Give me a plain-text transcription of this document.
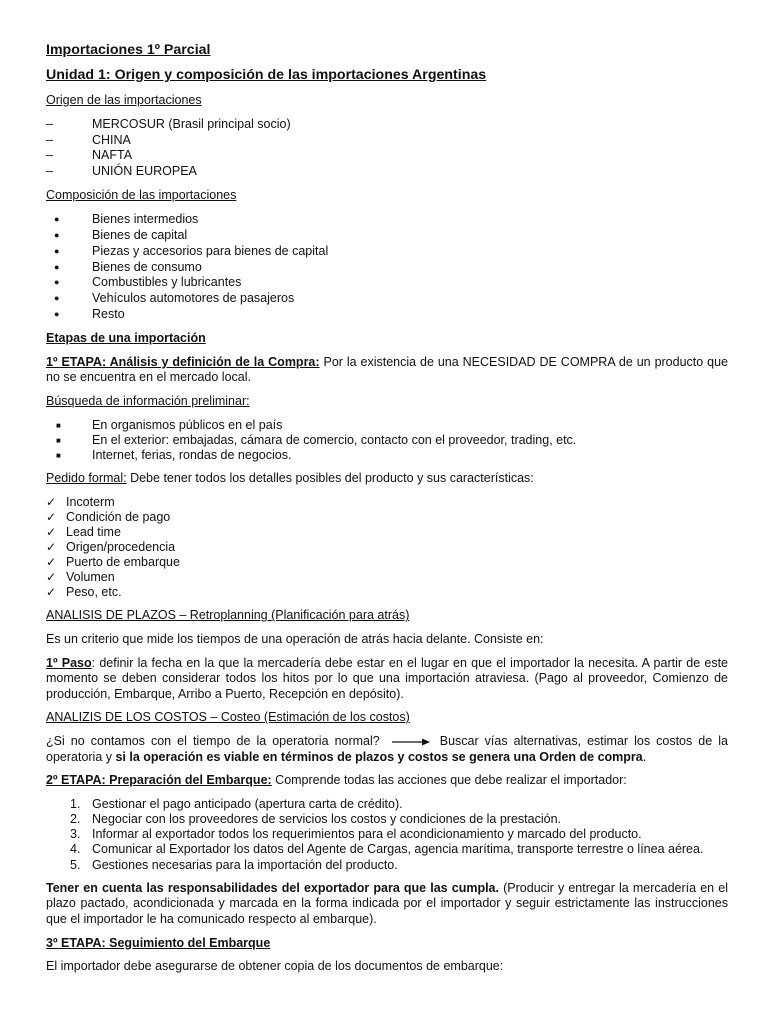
Importaciones 1º Parcial
Unidad 1: Origen y composición de las importaciones Argentinas

Origen de las importaciones

–	MERCOSUR (Brasil principal socio)
–	CHINA
–	NAFTA
–	UNIÓN EUROPEA

Composición de las importaciones

●	Bienes intermedios
●	Bienes de capital
●	Piezas y accesorios para bienes de capital
●	Bienes de consumo
●	Combustibles y lubricantes
●	Vehículos automotores de pasajeros
●	Resto

Etapas de una importación

1º ETAPA: Análisis y definición de la Compra: Por la existencia de una NECESIDAD DE COMPRA de un producto que no se encuentra en el mercado local.

Búsqueda de información preliminar:

■	En organismos públicos en el país
■	En el exterior: embajadas, cámara de comercio, contacto con el proveedor, trading, etc.
■	Internet, ferias, rondas de negocios.

Pedido formal: Debe tener todos los detalles posibles del producto y sus características:

✓ Incoterm
✓ Condición de pago
✓ Lead time
✓ Origen/procedencia
✓ Puerto de embarque
✓ Volumen
✓ Peso, etc.

ANALISIS DE PLAZOS – Retroplanning (Planificación para atrás)

Es un criterio que mide los tiempos de una operación de atrás hacia delante. Consiste en:

1º Paso: definir la fecha en la que la mercadería debe estar en el lugar en que el importador la necesita. A partir de este momento se deben considerar todos los hitos por lo que una importación atraviesa. (Pago al proveedor, Comienzo de producción, Embarque, Arribo a Puerto, Recepción en depósito).

ANALIZIS DE LOS COSTOS – Costeo (Estimación de los costos)

¿Si no contamos con el tiempo de la operatoria normal?	Buscar vías alternativas, estimar los costos de la operatoria y si la operación es viable en términos de plazos y costos se genera una Orden de compra.

2º ETAPA: Preparación del Embarque: Comprende todas las acciones que debe realizar el importador:

1. Gestionar el pago anticipado (apertura carta de crédito).
2. Negociar con los proveedores de servicios los costos y condiciones de la prestación.
3. Informar al exportador todos los requerimientos para el acondicionamiento y marcado del producto.
4. Comunicar al Exportador los datos del Agente de Cargas, agencia marítima, transporte terrestre o línea aérea.
5. Gestiones necesarias para la importación del producto.

Tener en cuenta las responsabilidades del exportador para que las cumpla. (Producir y entregar la mercadería en el plazo pactado, acondicionada y marcada en la forma indicada por el importador y seguir estrictamente las instrucciones que el importador le ha comunicado respecto al embarque).

3º ETAPA: Seguimiento del Embarque

El importador debe asegurarse de obtener copia de los documentos de embarque:
